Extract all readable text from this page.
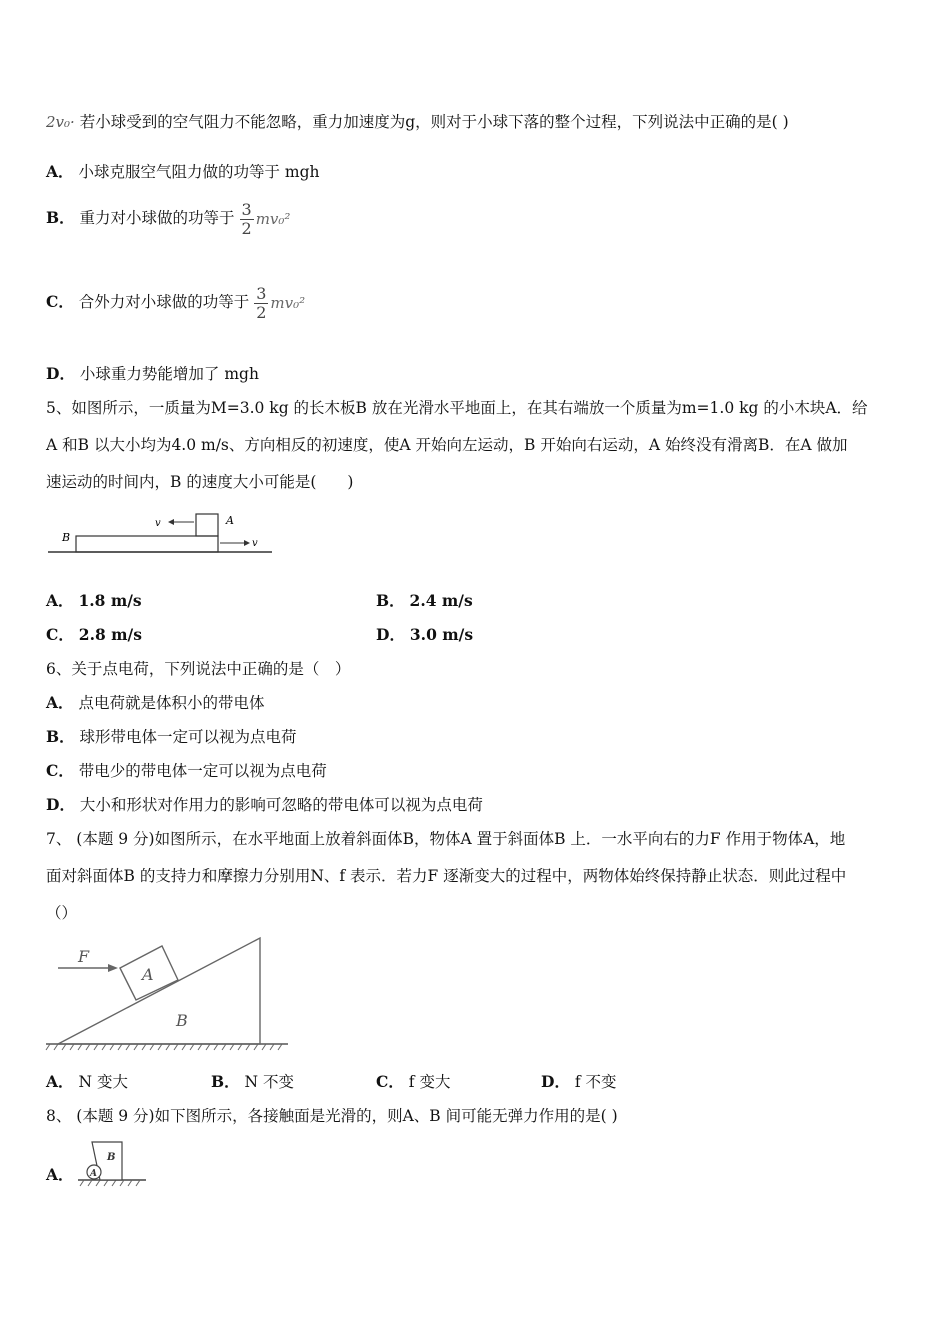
2v₀· 若小球受到的空气阻力不能忽略，重力加速度为g，则对于小球下落的整个过程，下列说法中正确的是( )
A． 小球克服空气阻力做的功等于 mgh
B． 重力对小球做的功等于 $\frac{3}{2} mv_0^2$
C． 合外力对小球做的功等于 $\frac{3}{2} mv_0^2$
D． 小球重力势能增加了 mgh
5、如图所示，一质量为M=3.0 kg 的长木板B 放在光滑水平地面上，在其右端放一个质量为m=1.0 kg 的小木块A．给
A 和B 以大小均为4.0 m/s、方向相反的初速度，使A 开始向左运动，B 开始向右运动，A 始终没有滑离B．在A 做加
速运动的时间内，B 的速度大小可能是(　　)
B
A
v
v
A． 1.8 m/s	B． 2.4 m/s
C． 2.8 m/s	D． 3.0 m/s
6、关于点电荷，下列说法中正确的是（　）
A． 点电荷就是体积小的带电体
B． 球形带电体一定可以视为点电荷
C． 带电少的带电体一定可以视为点电荷
D． 大小和形状对作用力的影响可忽略的带电体可以视为点电荷
7、 (本题 9 分)如图所示，在水平地面上放着斜面体B，物体A 置于斜面体B 上．一水平向右的力F 作用于物体A，地
面对斜面体B 的支持力和摩擦力分别用N、f 表示．若力F 逐渐变大的过程中，两物体始终保持静止状态．则此过程中
（）
F
A
B
A． N 变大	B． N 不变	C． f 变大	D． f 不变
8、 (本题 9 分)如下图所示，各接触面是光滑的，则A、B 间可能无弹力作用的是( )
A． A
B
